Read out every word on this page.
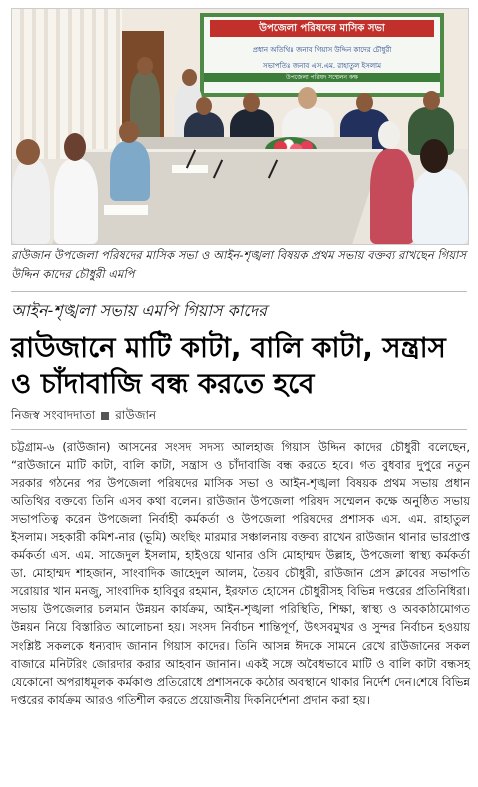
উপজেলা পরিষদের মাসিক সভা

প্রধান অতিথিঃ জনাব গিয়াস উদ্দিন কাদের চৌধুরী

সভাপতিঃ জনাব এস.এম. রাহাতুল ইসলাম
উপজেলা পরিষদ সম্মেলন কক্ষ
রাউজান উপজেলা পরিষদের মাসিক সভা ও আইন-শৃঙ্খলা বিষয়ক প্রথম সভায় বক্তব্য রাখছেন গিয়াস উদ্দিন কাদের চৌধুরী এমপি
আইন-শৃঙ্খলা সভায় এমপি গিয়াস কাদের
রাউজানে মাটি কাটা, বালি কাটা, সন্ত্রাস ও চাঁদাবাজি বন্ধ করতে হবে
নিজস্ব সংবাদদাতা রাউজান
চট্টগ্রাম-৬ (রাউজান) আসনের সংসদ সদস্য আলহাজ গিয়াস উদ্দিন কাদের চৌধুরী বলেছেন, “রাউজানে মাটি কাটা, বালি কাটা, সন্ত্রাস ও চাঁদাবাজি বন্ধ করতে হবে। গত বুধবার দুপুরে নতুন সরকার গঠনের পর উপজেলা পরিষদের মাসিক সভা ও আইন-শৃঙ্খলা বিষয়ক প্রথম সভায় প্রধান অতিথির বক্তব্যে তিনি এসব কথা বলেন। রাউজান উপজেলা পরিষদ সম্মেলন কক্ষে অনুষ্ঠিত সভায় সভাপতিত্ব করেন উপজেলা নির্বাহী কর্মকর্তা ও উপজেলা পরিষদের প্রশাসক এস. এম. রাহাতুল ইসলাম। সহকারী কমিশ-নার (ভূমি) অংছিং মারমার সঞ্চালনায় বক্তব্য রাখেন রাউজান থানার ভারপ্রাপ্ত কর্মকর্তা এস. এম. সাজেদুল ইসলাম, হাইওয়ে থানার ওসি মোহাম্মদ উল্লাহ, উপজেলা স্বাস্থ্য কর্মকর্তা ডা. মোহাম্মদ শাহজান, সাংবাদিক জাহেদুল আলম, তৈয়ব চৌধুরী, রাউজান প্রেস ক্লাবের সভাপতি সরোয়ার খান মনজু, সাংবাদিক হাবিবুর রহমান, ইরফাত হোসেন চৌধুরীসহ বিভিন্ন দপ্তরের প্রতিনিধিরা। সভায় উপজেলার চলমান উন্নয়ন কার্যক্রম, আইন-শৃঙ্খলা পরিস্থিতি, শিক্ষা, স্বাস্থ্য ও অবকাঠামোগত উন্নয়ন নিয়ে বিস্তারিত আলোচনা হয়। সংসদ নির্বাচন শান্তিপূর্ণ, উৎসবমুখর ও সুন্দর নির্বাচন হওয়ায় সংশ্লিষ্ট সকলকে ধন্যবাদ জানান গিয়াস কাদের। তিনি আসন্ন ঈদকে সামনে রেখে রাউজানের সকল বাজারে মনিটরিং জোরদার করার আহবান জানান। একই সঙ্গে অবৈধভাবে মাটি ও বালি কাটা বন্ধসহ যেকোনো অপরাধমূলক কর্মকাণ্ড প্রতিরোধে প্রশাসনকে কঠোর অবস্থানে থাকার নির্দেশ দেন।শেষে বিভিন্ন দপ্তরের কার্যক্রম আরও গতিশীল করতে প্রয়োজনীয় দিকনির্দেশনা প্রদান করা হয়।
